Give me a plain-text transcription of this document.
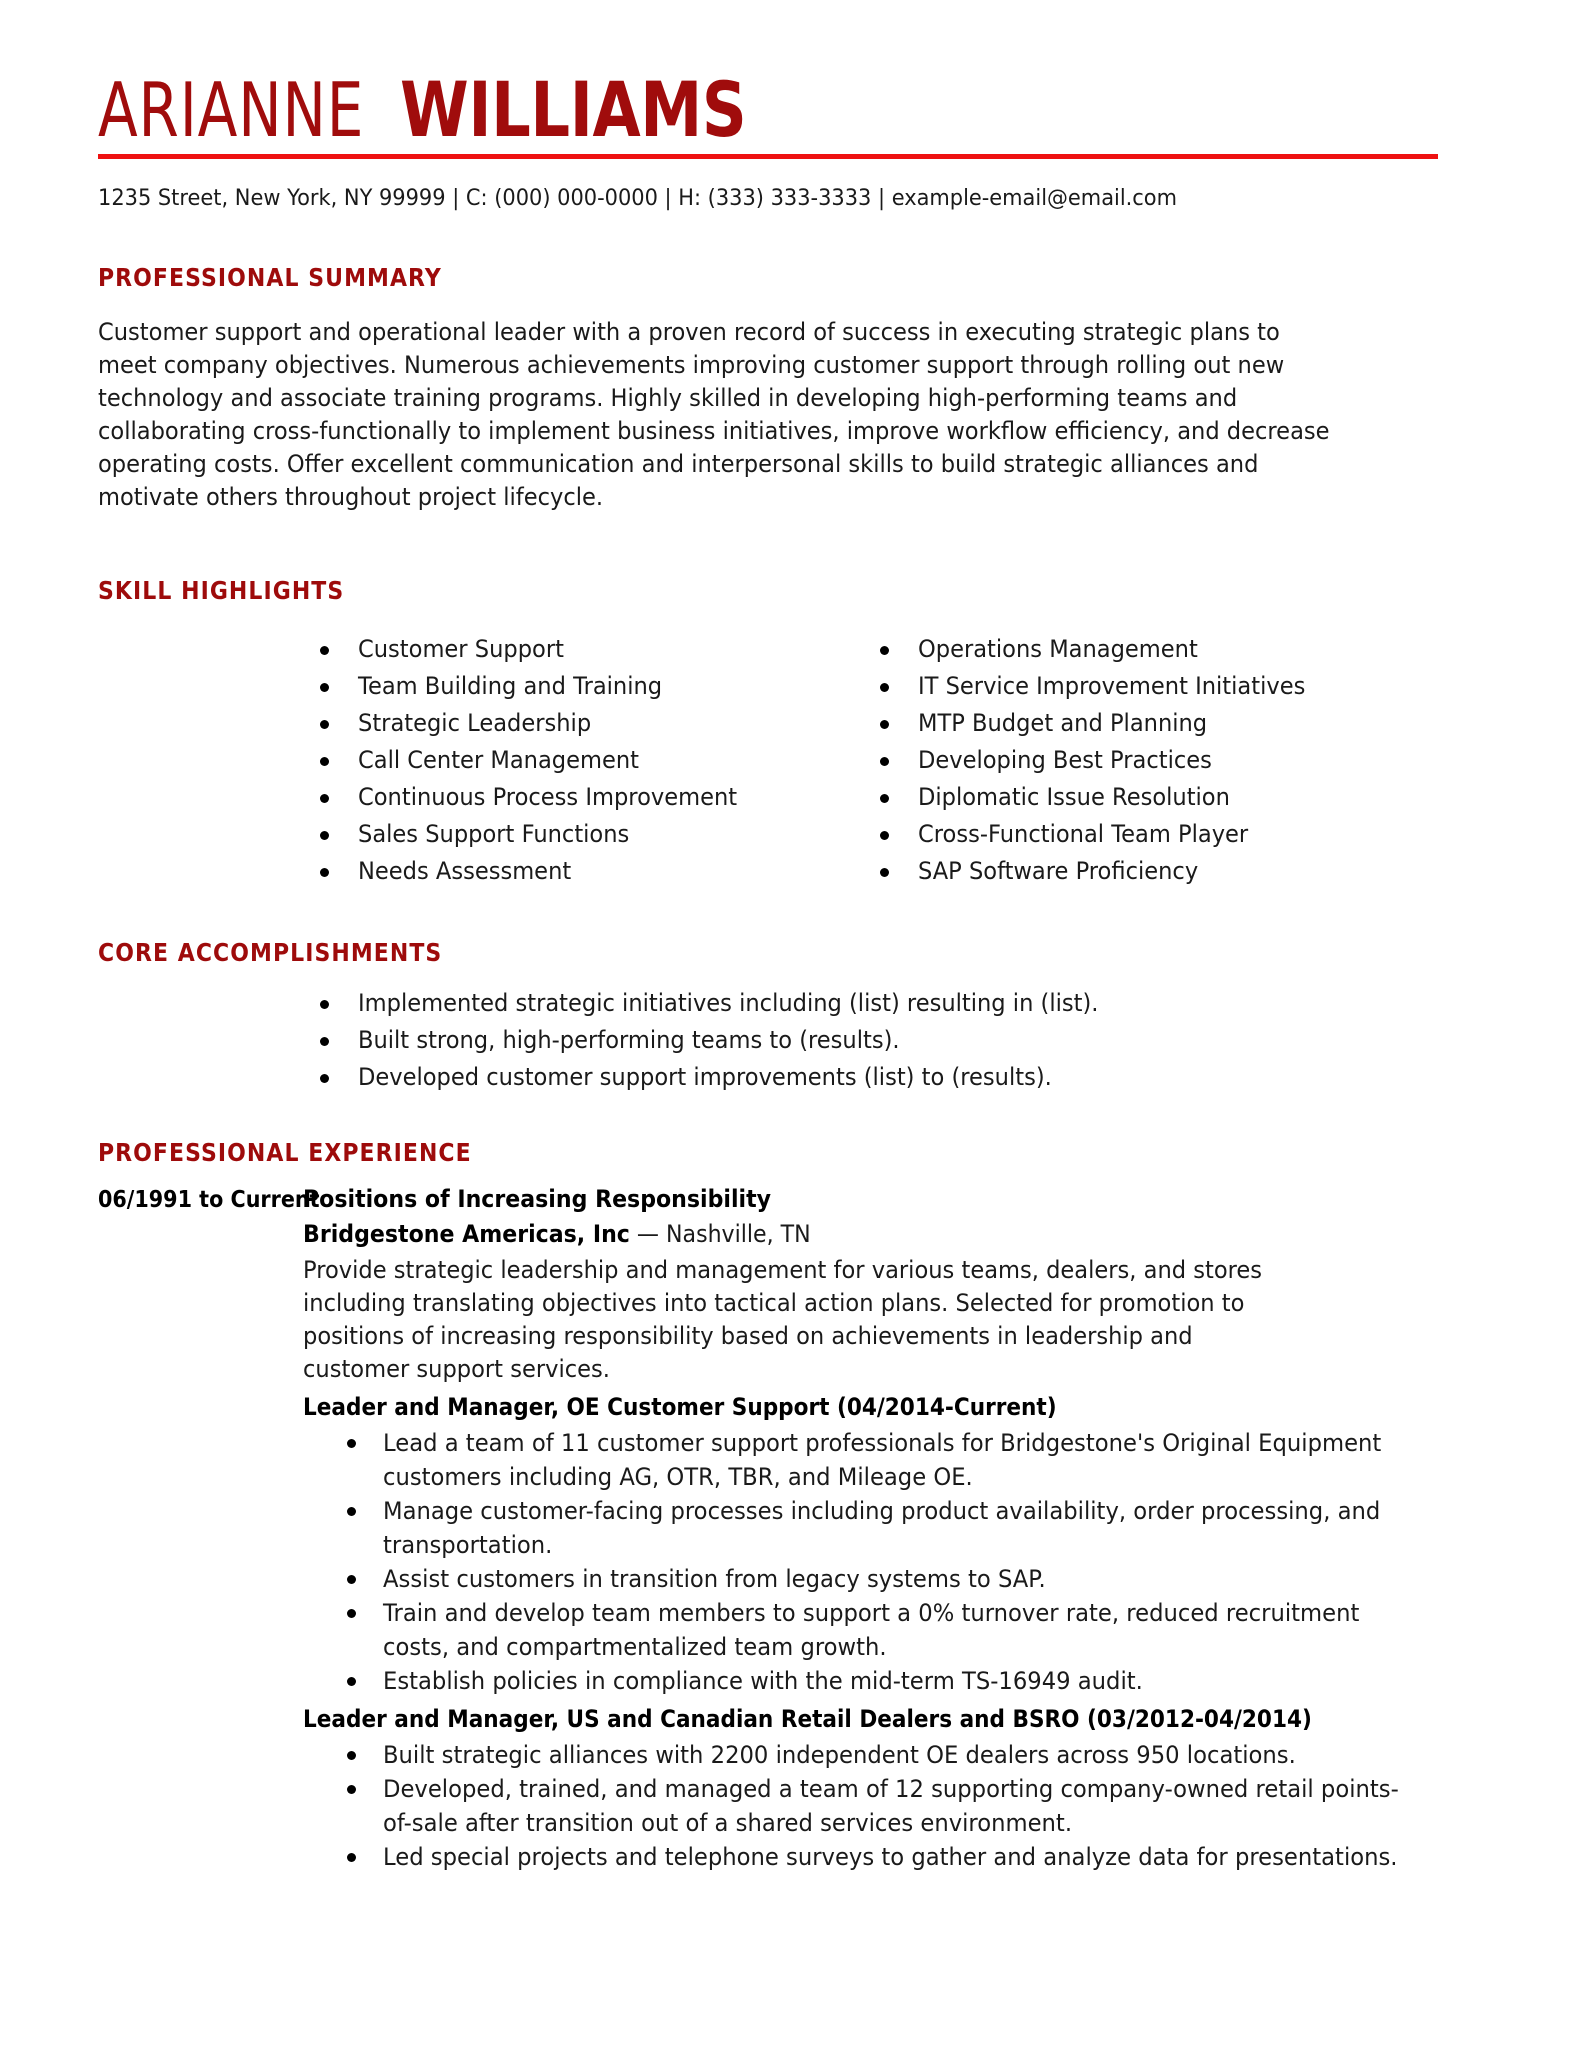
ARIANNE WILLIAMS
1235 Street, New York, NY 99999 | C: (000) 000-0000 | H: (333) 333-3333 | example-email@email.com
PROFESSIONAL SUMMARY

Customer support and operational leader with a proven record of success in executing strategic plans to meet company objectives. Numerous achievements improving customer support through rolling out new technology and associate training programs. Highly skilled in developing high-performing teams and collaborating cross-functionally to implement business initiatives, improve workflow efficiency, and decrease operating costs. Offer excellent communication and interpersonal skills to build strategic alliances and motivate others throughout project lifecycle.

SKILL HIGHLIGHTS
Customer Support
Team Building and Training
Strategic Leadership
Call Center Management
Continuous Process Improvement
Sales Support Functions
Needs Assessment
Operations Management
IT Service Improvement Initiatives
MTP Budget and Planning
Developing Best Practices
Diplomatic Issue Resolution
Cross-Functional Team Player
SAP Software Proficiency
CORE ACCOMPLISHMENTS
Implemented strategic initiatives including (list) resulting in (list).
Built strong, high-performing teams to (results).
Developed customer support improvements (list) to (results).
PROFESSIONAL EXPERIENCE
06/1991 to Current
Positions of Increasing Responsibility
Bridgestone Americas, Inc — Nashville, TN
Provide strategic leadership and management for various teams, dealers, and stores including translating objectives into tactical action plans. Selected for promotion to positions of increasing responsibility based on achievements in leadership and customer support services.
Leader and Manager, OE Customer Support (04/2014-Current)
Lead a team of 11 customer support professionals for Bridgestone's Original Equipment customers including AG, OTR, TBR, and Mileage OE.
Manage customer-facing processes including product availability, order processing, and transportation.
Assist customers in transition from legacy systems to SAP.
Train and develop team members to support a 0% turnover rate, reduced recruitment costs, and compartmentalized team growth.
Establish policies in compliance with the mid-term TS-16949 audit.
Leader and Manager, US and Canadian Retail Dealers and BSRO (03/2012-04/2014)
Built strategic alliances with 2200 independent OE dealers across 950 locations.
Developed, trained, and managed a team of 12 supporting company-owned retail points-of-sale after transition out of a shared services environment.
Led special projects and telephone surveys to gather and analyze data for presentations.
